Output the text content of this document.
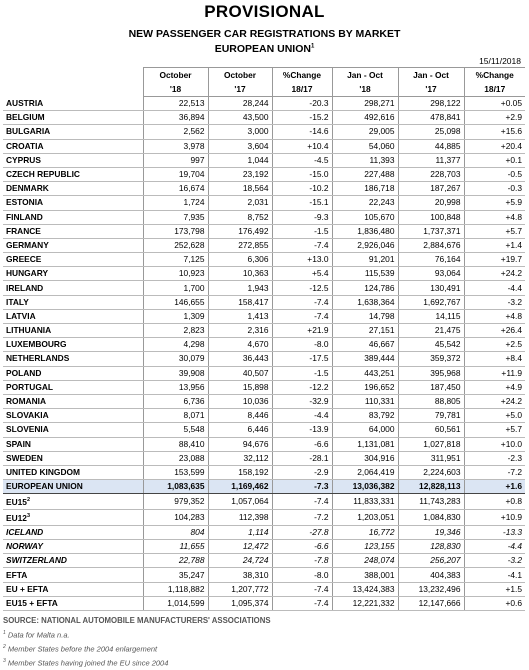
PROVISIONAL
NEW PASSENGER CAR REGISTRATIONS BY MARKET
EUROPEAN UNION$^1$
15/11/2018
	October	October	%Change	Jan - Oct	Jan - Oct	%Change
	'18	'17	18/17	'18	'17	18/17
AUSTRIA	22,513	28,244	-20.3	298,271	298,122	+0.05
BELGIUM	36,894	43,500	-15.2	492,616	478,841	+2.9
BULGARIA	2,562	3,000	-14.6	29,005	25,098	+15.6
CROATIA	3,978	3,604	+10.4	54,060	44,885	+20.4
CYPRUS	997	1,044	-4.5	11,393	11,377	+0.1
CZECH REPUBLIC	19,704	23,192	-15.0	227,488	228,703	-0.5
DENMARK	16,674	18,564	-10.2	186,718	187,267	-0.3
ESTONIA	1,724	2,031	-15.1	22,243	20,998	+5.9
FINLAND	7,935	8,752	-9.3	105,670	100,848	+4.8
FRANCE	173,798	176,492	-1.5	1,836,480	1,737,371	+5.7
GERMANY	252,628	272,855	-7.4	2,926,046	2,884,676	+1.4
GREECE	7,125	6,306	+13.0	91,201	76,164	+19.7
HUNGARY	10,923	10,363	+5.4	115,539	93,064	+24.2
IRELAND	1,700	1,943	-12.5	124,786	130,491	-4.4
ITALY	146,655	158,417	-7.4	1,638,364	1,692,767	-3.2
LATVIA	1,309	1,413	-7.4	14,798	14,115	+4.8
LITHUANIA	2,823	2,316	+21.9	27,151	21,475	+26.4
LUXEMBOURG	4,298	4,670	-8.0	46,667	45,542	+2.5
NETHERLANDS	30,079	36,443	-17.5	389,444	359,372	+8.4
POLAND	39,908	40,507	-1.5	443,251	395,968	+11.9
PORTUGAL	13,956	15,898	-12.2	196,652	187,450	+4.9
ROMANIA	6,736	10,036	-32.9	110,331	88,805	+24.2
SLOVAKIA	8,071	8,446	-4.4	83,792	79,781	+5.0
SLOVENIA	5,548	6,446	-13.9	64,000	60,561	+5.7
SPAIN	88,410	94,676	-6.6	1,131,081	1,027,818	+10.0
SWEDEN	23,088	32,112	-28.1	304,916	311,951	-2.3
UNITED KINGDOM	153,599	158,192	-2.9	2,064,419	2,224,603	-7.2
EUROPEAN UNION	1,083,635	1,169,462	-7.3	13,036,382	12,828,113	+1.6
$EU15^2$	979,352	1,057,064	-7.4	11,833,331	11,743,283	+0.8
$EU12^3$	104,283	112,398	-7.2	1,203,051	1,084,830	+10.9
ICELAND	804	1,114	-27.8	16,772	19,346	-13.3
NORWAY	11,655	12,472	-6.6	123,155	128,830	-4.4
SWITZERLAND	22,788	24,724	-7.8	248,074	256,207	-3.2
EFTA	35,247	38,310	-8.0	388,001	404,383	-4.1
EU + EFTA	1,118,882	1,207,772	-7.4	13,424,383	13,232,496	+1.5
EU15 + EFTA	1,014,599	1,095,374	-7.4	12,221,332	12,147,666	+0.6
SOURCE: NATIONAL AUTOMOBILE MANUFACTURERS' ASSOCIATIONS
$^1$ Data for Malta n.a.
$^2$ Member States before the 2004 enlargement
$^3$ Member States having joined the EU since 2004
